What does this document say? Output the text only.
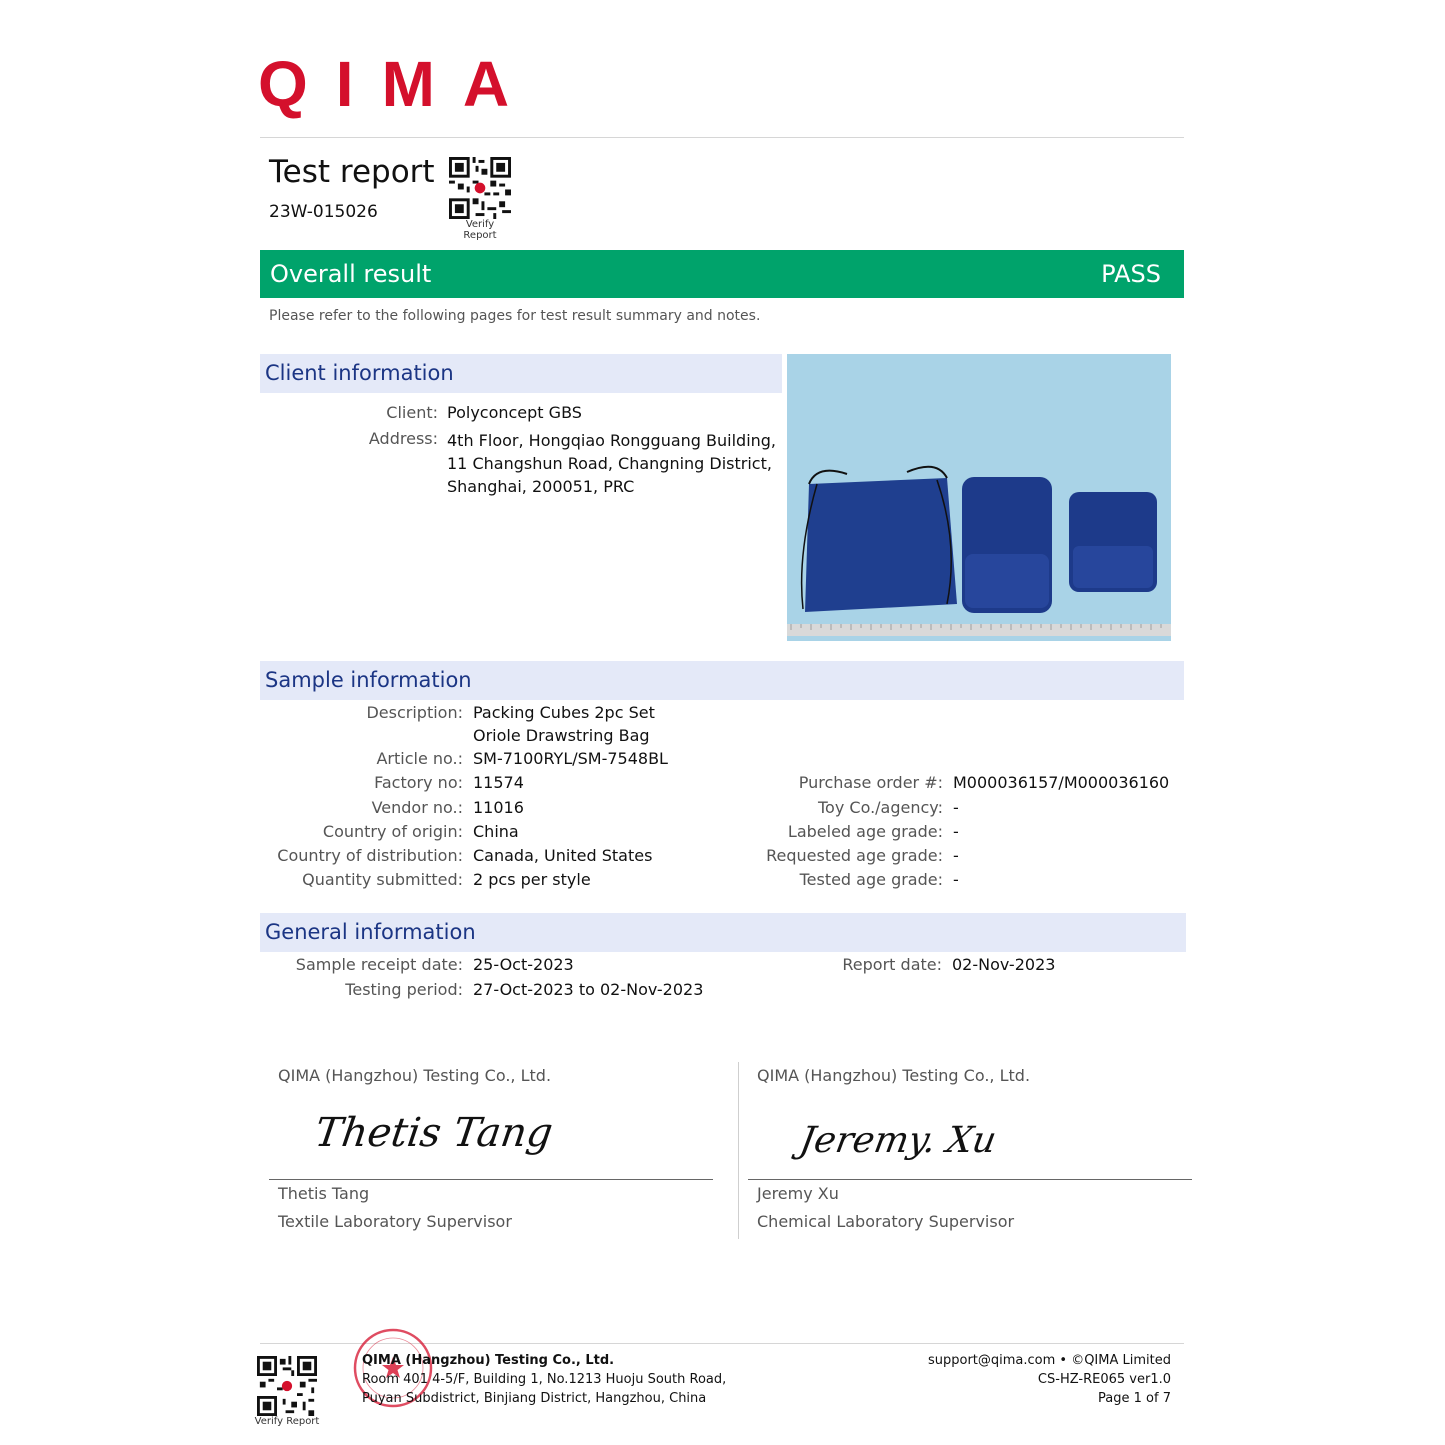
QIMA
Test report
23W-015026
Verify Report
Overall result	PASS
Please refer to the following pages for test result summary and notes.
Client information
Client: Polyconcept GBS
Address: 4th Floor, Hongqiao Rongguang Building,
11 Changshun Road, Changning District,
Shanghai, 200051, PRC
Sample information
Description: Packing Cubes 2pc Set
Oriole Drawstring Bag
Article no.: SM-7100RYL/SM-7548BL
Factory no: 11574
Vendor no.: 11016
Country of origin: China
Country of distribution: Canada, United States
Quantity submitted: 2 pcs per style
Purchase order #: M000036157/M000036160
Toy Co./agency: -
Labeled age grade: -
Requested age grade: -
Tested age grade: -
General information
Sample receipt date: 25-Oct-2023
Testing period: 27-Oct-2023 to 02-Nov-2023
Report date: 02-Nov-2023
QIMA (Hangzhou) Testing Co., Ltd.
Thetis Tang
Thetis Tang
Textile Laboratory Supervisor
QIMA (Hangzhou) Testing Co., Ltd.
Jeremy. Xu
Jeremy Xu
Chemical Laboratory Supervisor
Verify Report
QIMA (Hangzhou) Testing Co., Ltd.
Room 401 4-5/F, Building 1, No.1213 Huoju South Road,
Puyan Subdistrict, Binjiang District, Hangzhou, China
support@qima.com • ©QIMA Limited
CS-HZ-RE065 ver1.0
Page 1 of 7
